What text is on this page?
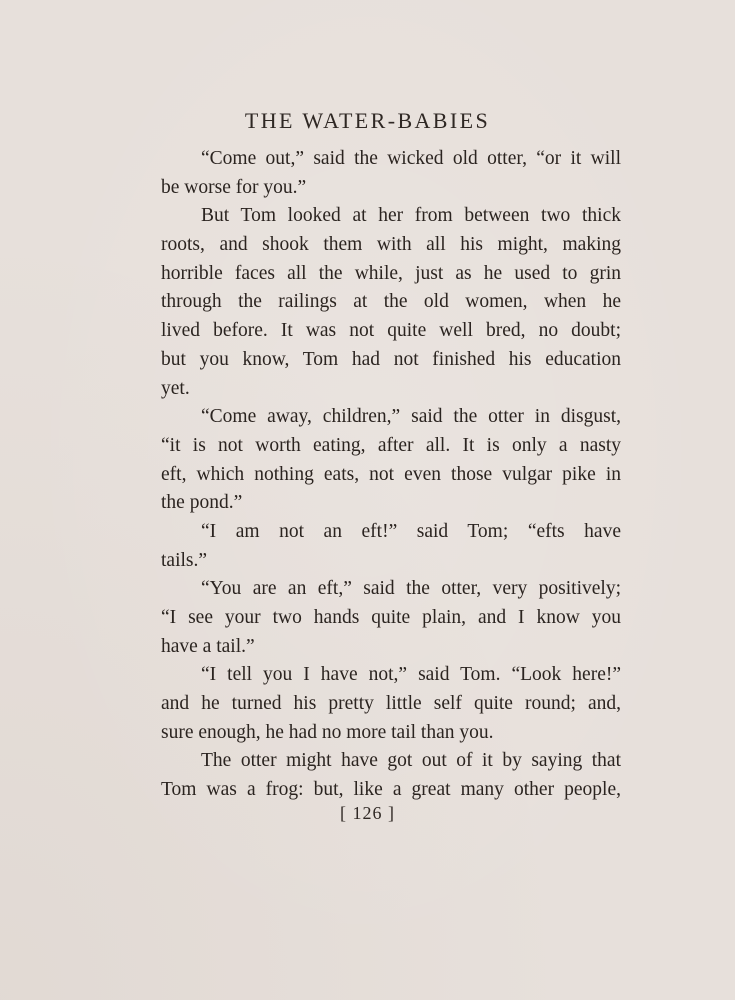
THE WATER-BABIES
“Come out,” said the wicked old otter, “or it will
be worse for you.”
But Tom looked at her from between two thick
roots, and shook them with all his might, making
horrible faces all the while, just as he used to grin
through the railings at the old women, when he
lived before. It was not quite well bred, no doubt;
but you know, Tom had not finished his education
yet.
“Come away, children,” said the otter in disgust,
“it is not worth eating, after all. It is only a nasty
eft, which nothing eats, not even those vulgar pike in
the pond.”
“I am not an eft!” said Tom; “efts have
tails.”
“You are an eft,” said the otter, very positively;
“I see your two hands quite plain, and I know you
have a tail.”
“I tell you I have not,” said Tom. “Look here!”
and he turned his pretty little self quite round; and,
sure enough, he had no more tail than you.
The otter might have got out of it by saying that
Tom was a frog: but, like a great many other people,
[ 126 ]
